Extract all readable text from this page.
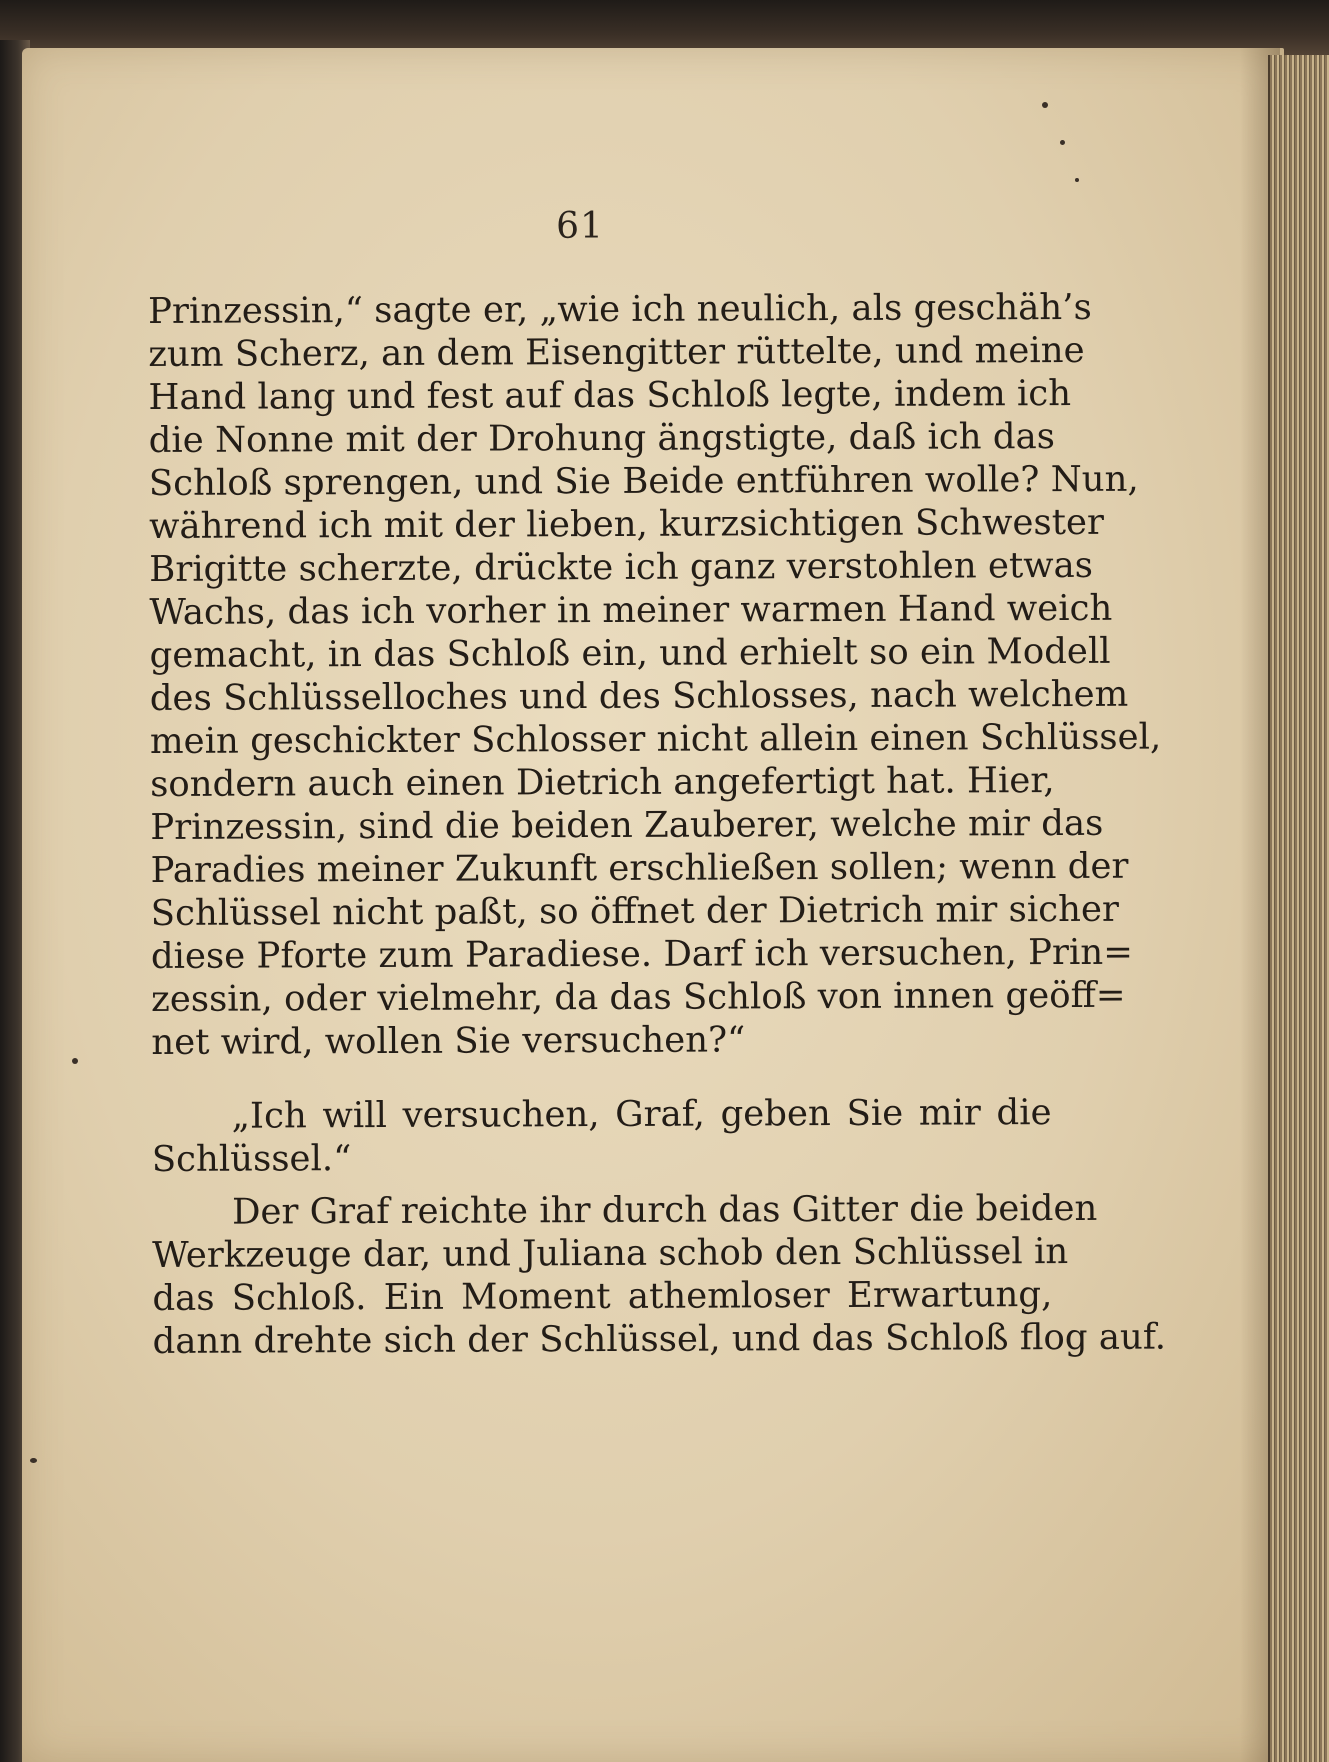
61
Prinzessin,“ sagte er, „wie ich neulich, als geschäh’s
zum Scherz, an dem Eisengitter rüttelte, und meine
Hand lang und fest auf das Schloß legte, indem ich
die Nonne mit der Drohung ängstigte, daß ich das
Schloß sprengen, und Sie Beide entführen wolle? Nun,
während ich mit der lieben, kurzsichtigen Schwester
Brigitte scherzte, drückte ich ganz verstohlen etwas
Wachs, das ich vorher in meiner warmen Hand weich
gemacht, in das Schloß ein, und erhielt so ein Modell
des Schlüsselloches und des Schlosses, nach welchem
mein geschickter Schlosser nicht allein einen Schlüssel,
sondern auch einen Dietrich angefertigt hat. Hier,
Prinzessin, sind die beiden Zauberer, welche mir das
Paradies meiner Zukunft erschließen sollen; wenn der
Schlüssel nicht paßt, so öffnet der Dietrich mir sicher
diese Pforte zum Paradiese. Darf ich versuchen, Prin=
zessin, oder vielmehr, da das Schloß von innen geöff=
net wird, wollen Sie versuchen?“
„Ich will versuchen, Graf, geben Sie mir die
Schlüssel.“
Der Graf reichte ihr durch das Gitter die beiden
Werkzeuge dar, und Juliana schob den Schlüssel in
das Schloß. Ein Moment athemloser Erwartung,
dann drehte sich der Schlüssel, und das Schloß flog auf.
